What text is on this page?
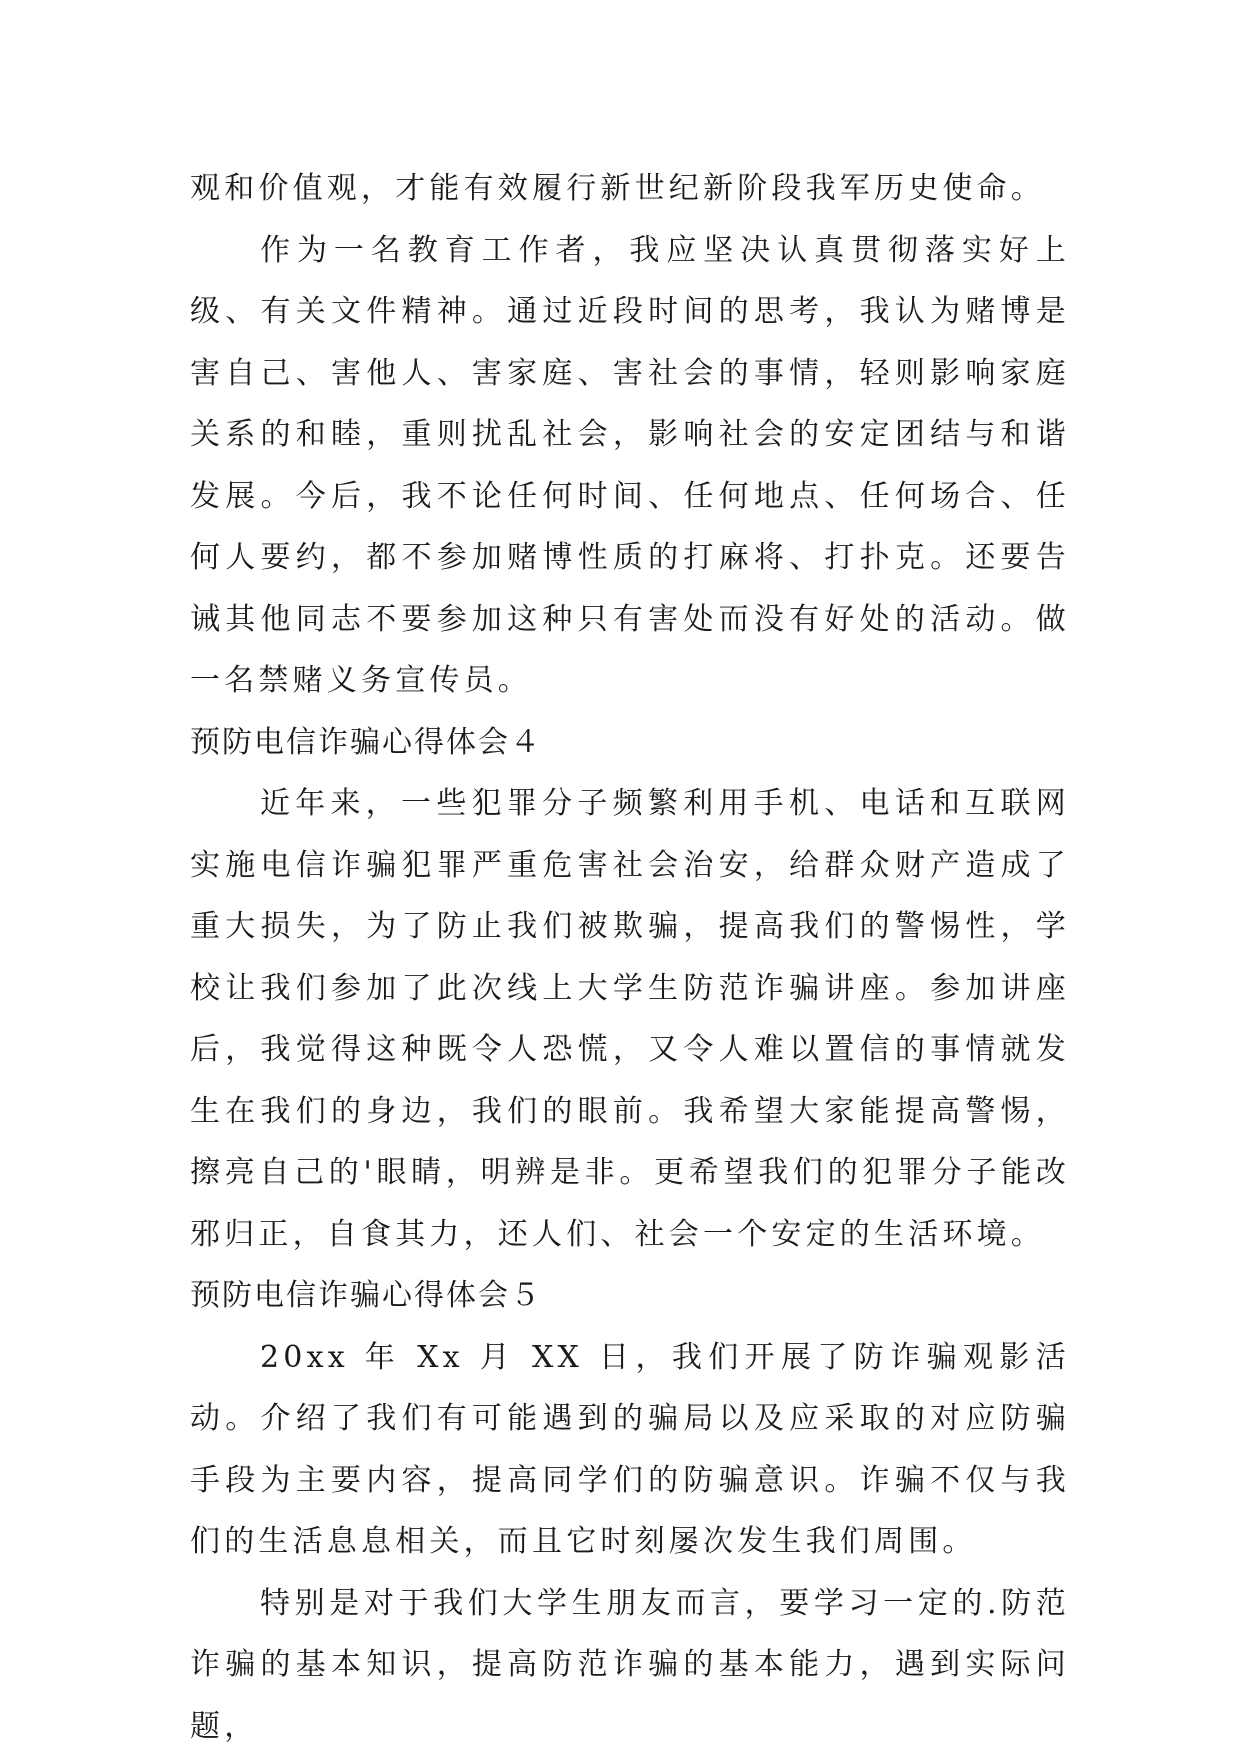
观和价值观，才能有效履行新世纪新阶段我军历史使命。

作为一名教育工作者，我应坚决认真贯彻落实好上级、有关文件精神。通过近段时间的思考，我认为赌博是害自己、害他人、害家庭、害社会的事情，轻则影响家庭关系的和睦，重则扰乱社会，影响社会的安定团结与和谐发展。今后，我不论任何时间、任何地点、任何场合、任何人要约，都不参加赌博性质的打麻将、打扑克。还要告诫其他同志不要参加这种只有害处而没有好处的活动。做一名禁赌义务宣传员。

预防电信诈骗心得体会４

近年来，一些犯罪分子频繁利用手机、电话和互联网实施电信诈骗犯罪严重危害社会治安，给群众财产造成了重大损失，为了防止我们被欺骗，提高我们的警惕性，学校让我们参加了此次线上大学生防范诈骗讲座。参加讲座后，我觉得这种既令人恐慌，又令人难以置信的事情就发生在我们的身边，我们的眼前。我希望大家能提高警惕，擦亮自己的'眼睛，明辨是非。更希望我们的犯罪分子能改邪归正，自食其力，还人们、社会一个安定的生活环境。

预防电信诈骗心得体会５

20xx 年 Xx 月 XX 日，我们开展了防诈骗观影活动。介绍了我们有可能遇到的骗局以及应采取的对应防骗手段为主要内容，提高同学们的防骗意识。诈骗不仅与我们的生活息息相关，而且它时刻屡次发生我们周围。

特别是对于我们大学生朋友而言，要学习一定的.防范诈骗的基本知识，提高防范诈骗的基本能力，遇到实际问题，
